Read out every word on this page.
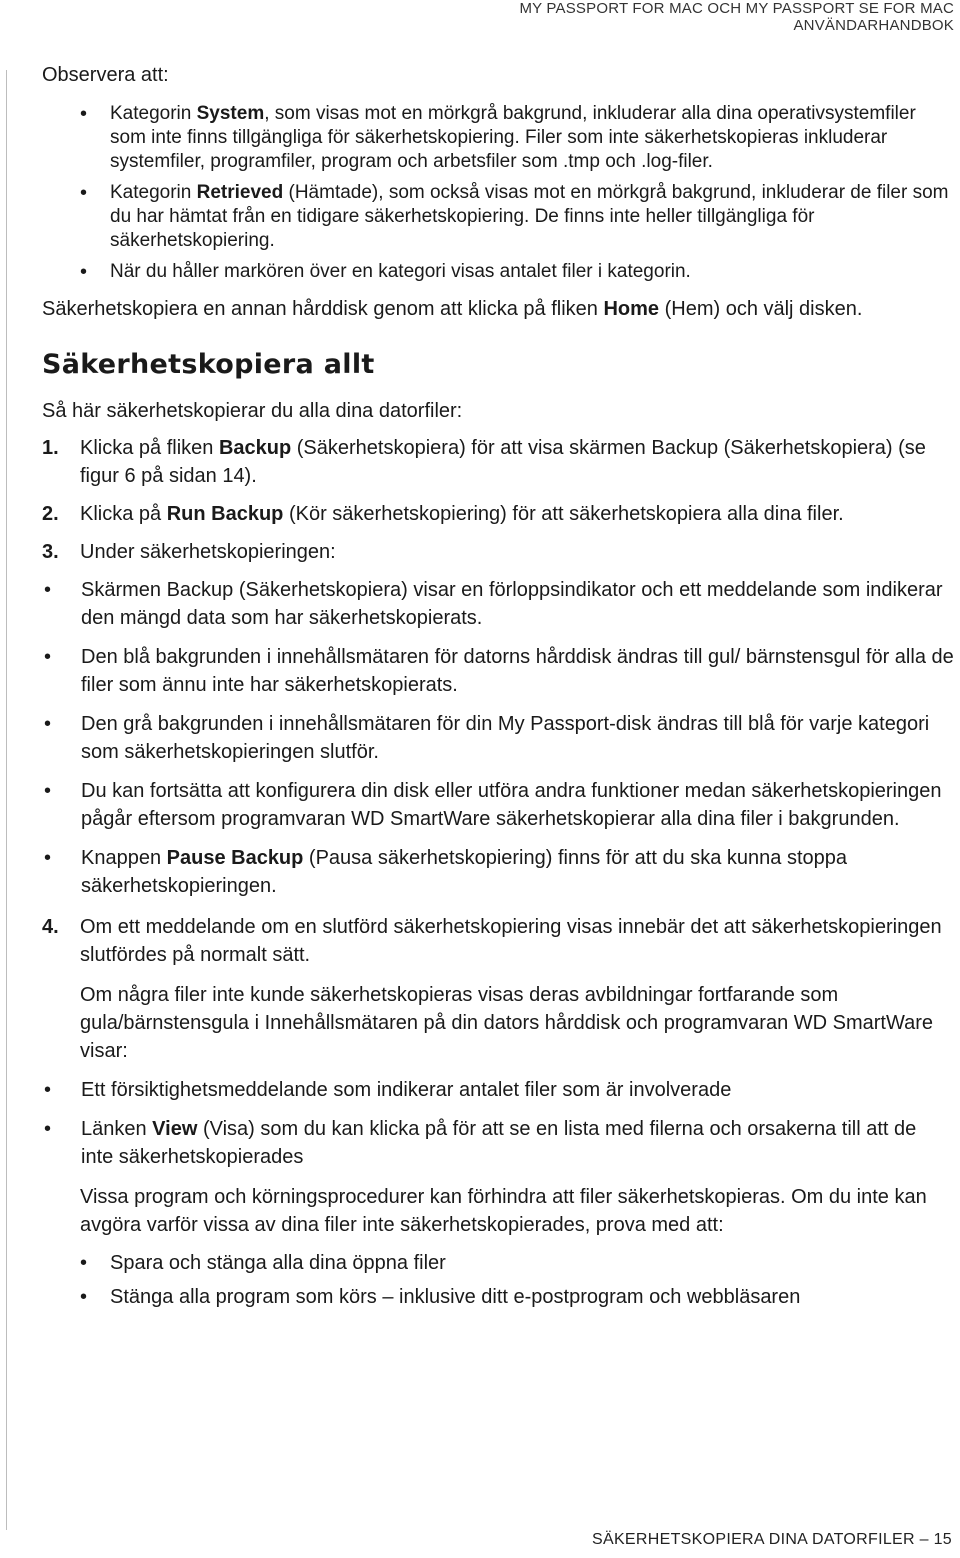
MY PASSPORT FOR MAC OCH MY PASSPORT SE FOR MAC
ANVÄNDARHANDBOK

Observera att:

• Kategorin System, som visas mot en mörkgrå bakgrund, inkluderar alla dina operativsystemfiler som inte finns tillgängliga för säkerhetskopiering. Filer som inte säkerhetskopieras inkluderar systemfiler, programfiler, program och arbetsfiler som .tmp och .log-filer.
• Kategorin Retrieved (Hämtade), som också visas mot en mörkgrå bakgrund, inkluderar de filer som du har hämtat från en tidigare säkerhetskopiering. De finns inte heller tillgängliga för säkerhetskopiering.
• När du håller markören över en kategori visas antalet filer i kategorin.

Säkerhetskopiera en annan hårddisk genom att klicka på fliken Home (Hem) och välj disken.

Säkerhetskopiera allt

Så här säkerhetskopierar du alla dina datorfiler:

1. Klicka på fliken Backup (Säkerhetskopiera) för att visa skärmen Backup (Säkerhetskopiera) (se figur 6 på sidan 14).
2. Klicka på Run Backup (Kör säkerhetskopiering) för att säkerhetskopiera alla dina filer.
3. Under säkerhetskopieringen:
• Skärmen Backup (Säkerhetskopiera) visar en förloppsindikator och ett meddelande som indikerar den mängd data som har säkerhetskopierats.
• Den blå bakgrunden i innehållsmätaren för datorns hårddisk ändras till gul/ bärnstensgul för alla de filer som ännu inte har säkerhetskopierats.
• Den grå bakgrunden i innehållsmätaren för din My Passport-disk ändras till blå för varje kategori som säkerhetskopieringen slutför.
• Du kan fortsätta att konfigurera din disk eller utföra andra funktioner medan säkerhetskopieringen pågår eftersom programvaran WD SmartWare säkerhetskopierar alla dina filer i bakgrunden.
• Knappen Pause Backup (Pausa säkerhetskopiering) finns för att du ska kunna stoppa säkerhetskopieringen.
4. Om ett meddelande om en slutförd säkerhetskopiering visas innebär det att säkerhetskopieringen slutfördes på normalt sätt.

Om några filer inte kunde säkerhetskopieras visas deras avbildningar fortfarande som gula/bärnstensgula i Innehållsmätaren på din dators hårddisk och programvaran WD SmartWare visar:

• Ett försiktighetsmeddelande som indikerar antalet filer som är involverade
• Länken View (Visa) som du kan klicka på för att se en lista med filerna och orsakerna till att de inte säkerhetskopierades

Vissa program och körningsprocedurer kan förhindra att filer säkerhetskopieras. Om du inte kan avgöra varför vissa av dina filer inte säkerhetskopierades, prova med att:

• Spara och stänga alla dina öppna filer
• Stänga alla program som körs – inklusive ditt e-postprogram och webbläsaren
SÄKERHETSKOPIERA DINA DATORFILER – 15
